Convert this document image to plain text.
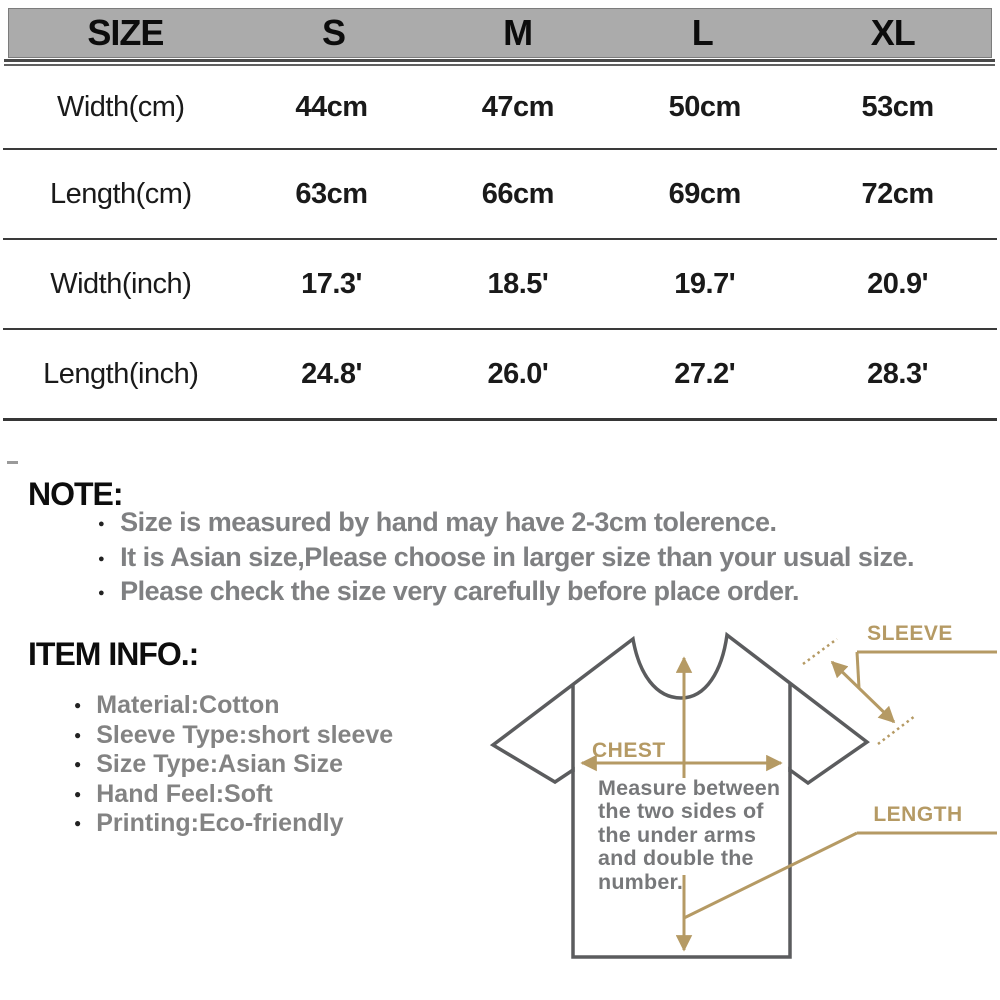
SIZE	S	M	L	XL
Width(cm)	44cm	47cm	50cm	53cm
Length(cm)	63cm	66cm	69cm	72cm
Width(inch)	17.3'	18.5'	19.7'	20.9'
Length(inch)	24.8'	26.0'	27.2'	28.3'
NOTE:
● Size is measured by hand may have 2-3cm tolerence.
● It is Asian size,Please choose in larger size than your usual size.
● Please check the size very carefully before place order.
ITEM INFO.:
● Material:Cotton
● Sleeve Type:short sleeve
● Size Type:Asian Size
● Hand Feel:Soft
● Printing:Eco-friendly
SLEEVE
LENGTH
CHEST
Measure between
the two sides of
the under arms
and double the
number.
